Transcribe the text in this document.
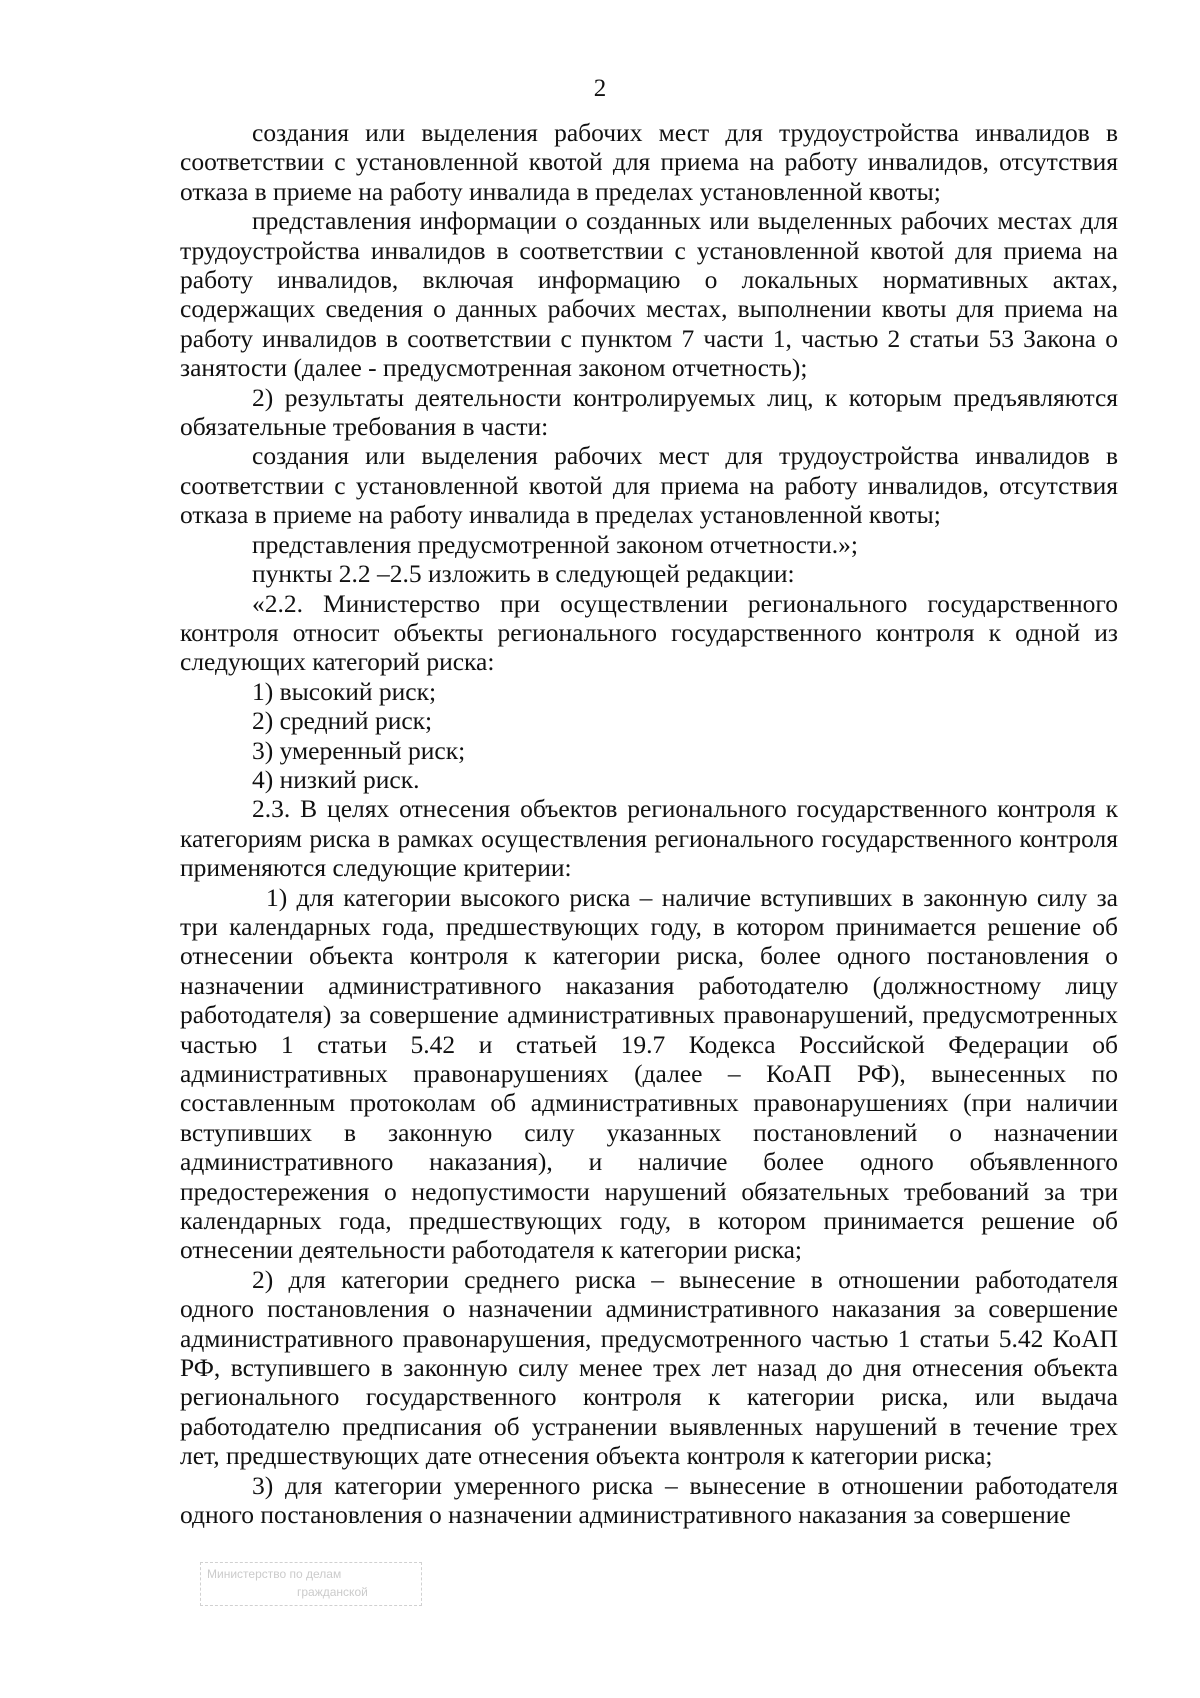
2

создания или выделения рабочих мест для трудоустройства инвалидов в соответствии с установленной квотой для приема на работу инвалидов, отсутствия отказа в приеме на работу инвалида в пределах установленной квоты;

представления информации о созданных или выделенных рабочих местах для трудоустройства инвалидов в соответствии с установленной квотой для приема на работу инвалидов, включая информацию о локальных нормативных актах, содержащих сведения о данных рабочих местах, выполнении квоты для приема на работу инвалидов в соответствии с пунктом 7 части 1, частью 2 статьи 53 Закона о занятости (далее - предусмотренная законом отчетность);

2) результаты деятельности контролируемых лиц, к которым предъявляются обязательные требования в части:

создания или выделения рабочих мест для трудоустройства инвалидов в соответствии с установленной квотой для приема на работу инвалидов, отсутствия отказа в приеме на работу инвалида в пределах установленной квоты;

представления предусмотренной законом отчетности.»;

пункты 2.2 –2.5 изложить в следующей редакции:

«2.2. Министерство при осуществлении регионального государственного контроля относит объекты регионального государственного контроля к одной из следующих категорий риска:

1) высокий риск;

2) средний риск;

3) умеренный риск;

4) низкий риск.

2.3. В целях отнесения объектов регионального государственного контроля к категориям риска в рамках осуществления регионального государственного контроля применяются следующие критерии:

1) для категории высокого риска – наличие вступивших в законную силу за три календарных года, предшествующих году, в котором принимается решение об отнесении объекта контроля к категории риска, более одного постановления о назначении административного наказания работодателю (должностному лицу работодателя) за совершение административных правонарушений, предусмотренных частью 1 статьи 5.42 и статьей 19.7 Кодекса Российской Федерации об административных правонарушениях (далее – КоАП РФ), вынесенных по составленным протоколам об административных правонарушениях (при наличии вступивших в законную силу указанных постановлений о назначении административного наказания), и наличие более одного объявленного предостережения о недопустимости нарушений обязательных требований за три календарных года, предшествующих году, в котором принимается решение об отнесении деятельности работодателя к категории риска;

2) для категории среднего риска – вынесение в отношении работодателя одного постановления о назначении административного наказания за совершение административного правонарушения, предусмотренного частью 1 статьи 5.42 КоАП РФ, вступившего в законную силу менее трех лет назад до дня отнесения объекта регионального государственного контроля к категории риска, или выдача работодателю предписания об устранении выявленных нарушений в течение трех лет, предшествующих дате отнесения объекта контроля к категории риска;

3) для категории умеренного риска – вынесение в отношении работодателя одного постановления о назначении административного наказания за совершение

Министерство по делам
гражданской
